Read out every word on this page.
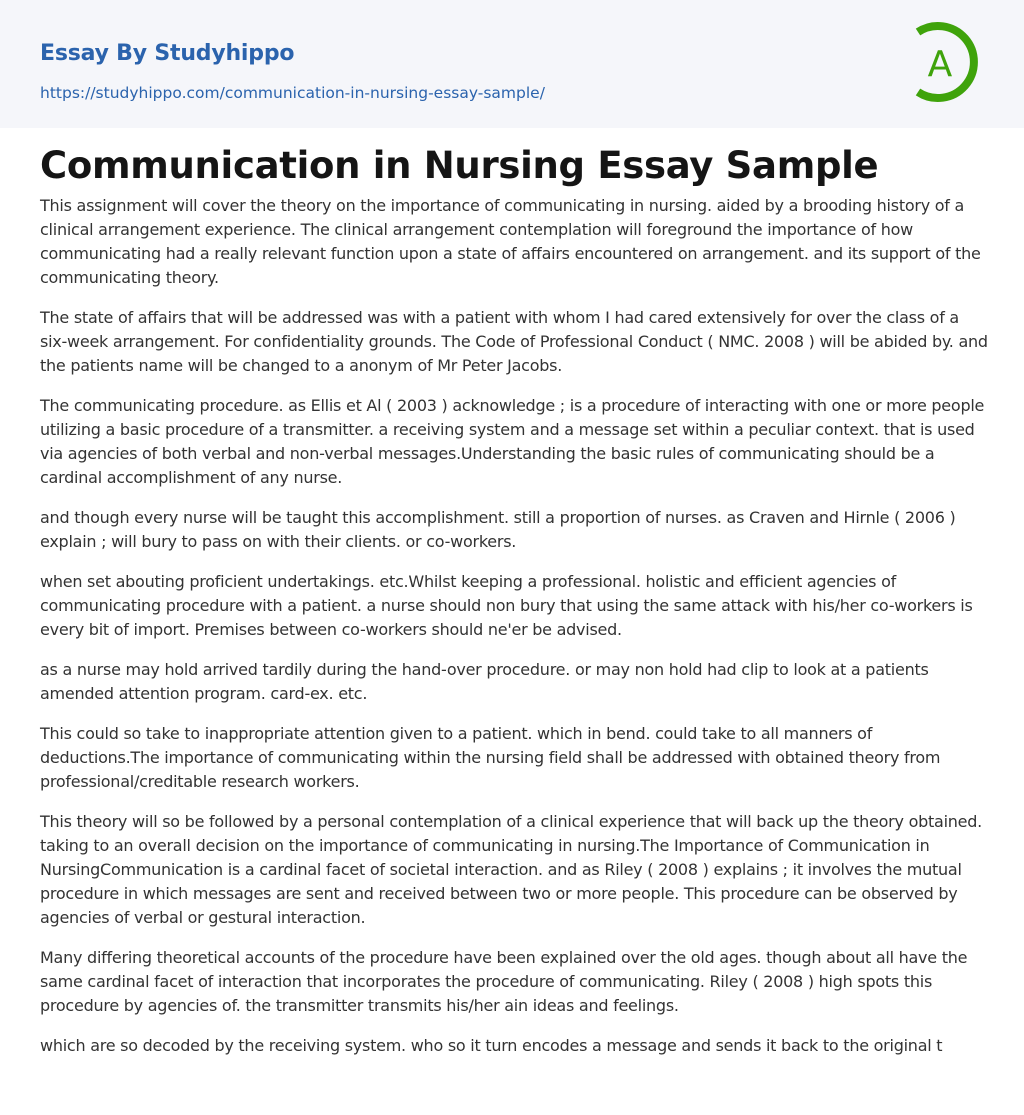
Essay By Studyhippo
https://studyhippo.com/communication-in-nursing-essay-sample/
A
Communication in Nursing Essay Sample

This assignment will cover the theory on the importance of communicating in nursing. aided by a brooding history of a clinical arrangement experience. The clinical arrangement contemplation will foreground the importance of how communicating had a really relevant function upon a state of affairs encountered on arrangement. and its support of the communicating theory.

The state of affairs that will be addressed was with a patient with whom I had cared extensively for over the class of a six-week arrangement. For confidentiality grounds. The Code of Professional Conduct ( NMC. 2008 ) will be abided by. and the patients name will be changed to a anonym of Mr Peter Jacobs.

The communicating procedure. as Ellis et Al ( 2003 ) acknowledge ; is a procedure of interacting with one or more people utilizing a basic procedure of a transmitter. a receiving system and a message set within a peculiar context. that is used via agencies of both verbal and non-verbal messages.Understanding the basic rules of communicating should be a cardinal accomplishment of any nurse.

and though every nurse will be taught this accomplishment. still a proportion of nurses. as Craven and Hirnle ( 2006 ) explain ; will bury to pass on with their clients. or co-workers.

when set abouting proficient undertakings. etc.Whilst keeping a professional. holistic and efficient agencies of communicating procedure with a patient. a nurse should non bury that using the same attack with his/her co-workers is every bit of import. Premises between co-workers should ne'er be advised.

as a nurse may hold arrived tardily during the hand-over procedure. or may non hold had clip to look at a patients amended attention program. card-ex. etc.

This could so take to inappropriate attention given to a patient. which in bend. could take to all manners of deductions.The importance of communicating within the nursing field shall be addressed with obtained theory from professional/creditable research workers.

This theory will so be followed by a personal contemplation of a clinical experience that will back up the theory obtained. taking to an overall decision on the importance of communicating in nursing.The Importance of Communication in NursingCommunication is a cardinal facet of societal interaction. and as Riley ( 2008 ) explains ; it involves the mutual procedure in which messages are sent and received between two or more people. This procedure can be observed by agencies of verbal or gestural interaction.

Many differing theoretical accounts of the procedure have been explained over the old ages. though about all have the same cardinal facet of interaction that incorporates the procedure of communicating. Riley ( 2008 ) high spots this procedure by agencies of. the transmitter transmits his/her ain ideas and feelings.

which are so decoded by the receiving system. who so it turn encodes a message and sends it back to the original t
